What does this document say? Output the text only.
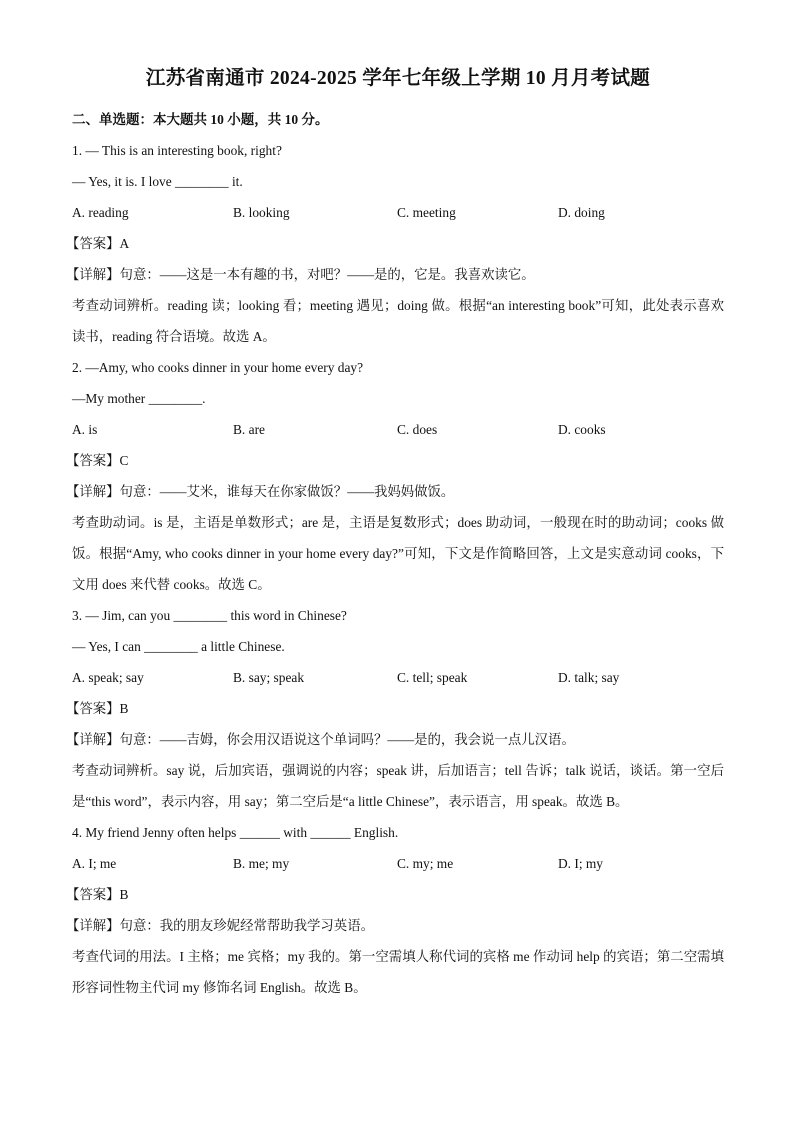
江苏省南通市 2024-2025 学年七年级上学期 10 月月考试题
二、单选题：本大题共 10 小题，共 10 分。
1. — This is an interesting book, right?
— Yes, it is. I love ________ it.
A. reading	B. looking	C. meeting	D. doing
【答案】A
【详解】句意：——这是一本有趣的书，对吧？——是的，它是。我喜欢读它。
考查动词辨析。reading 读；looking 看；meeting 遇见；doing 做。根据“an interesting book”可知，此处表示喜欢读书，reading 符合语境。故选 A。
2. —Amy, who cooks dinner in your home every day?
—My mother ________.
A. is	B. are	C. does	D. cooks
【答案】C
【详解】句意：——艾米，谁每天在你家做饭？——我妈妈做饭。
考查助动词。is 是，主语是单数形式；are 是，主语是复数形式；does 助动词，一般现在时的助动词；cooks 做饭。根据“Amy, who cooks dinner in your home every day?”可知，下文是作简略回答，上文是实意动词 cooks，下文用 does 来代替 cooks。故选 C。
3. — Jim, can you ________ this word in Chinese?
— Yes, I can ________ a little Chinese.
A. speak; say	B. say; speak	C. tell; speak	D. talk; say
【答案】B
【详解】句意：——吉姆，你会用汉语说这个单词吗？——是的，我会说一点儿汉语。
考查动词辨析。say 说，后加宾语，强调说的内容；speak 讲，后加语言；tell 告诉；talk 说话，谈话。第一空后是“this word”，表示内容，用 say；第二空后是“a little Chinese”，表示语言，用 speak。故选 B。
4. My friend Jenny often helps ______ with ______ English.
A. I; me	B. me; my	C. my; me	D. I; my
【答案】B
【详解】句意：我的朋友珍妮经常帮助我学习英语。
考查代词的用法。I 主格；me 宾格；my 我的。第一空需填人称代词的宾格 me 作动词 help 的宾语；第二空需填形容词性物主代词 my 修饰名词 English。故选 B。
